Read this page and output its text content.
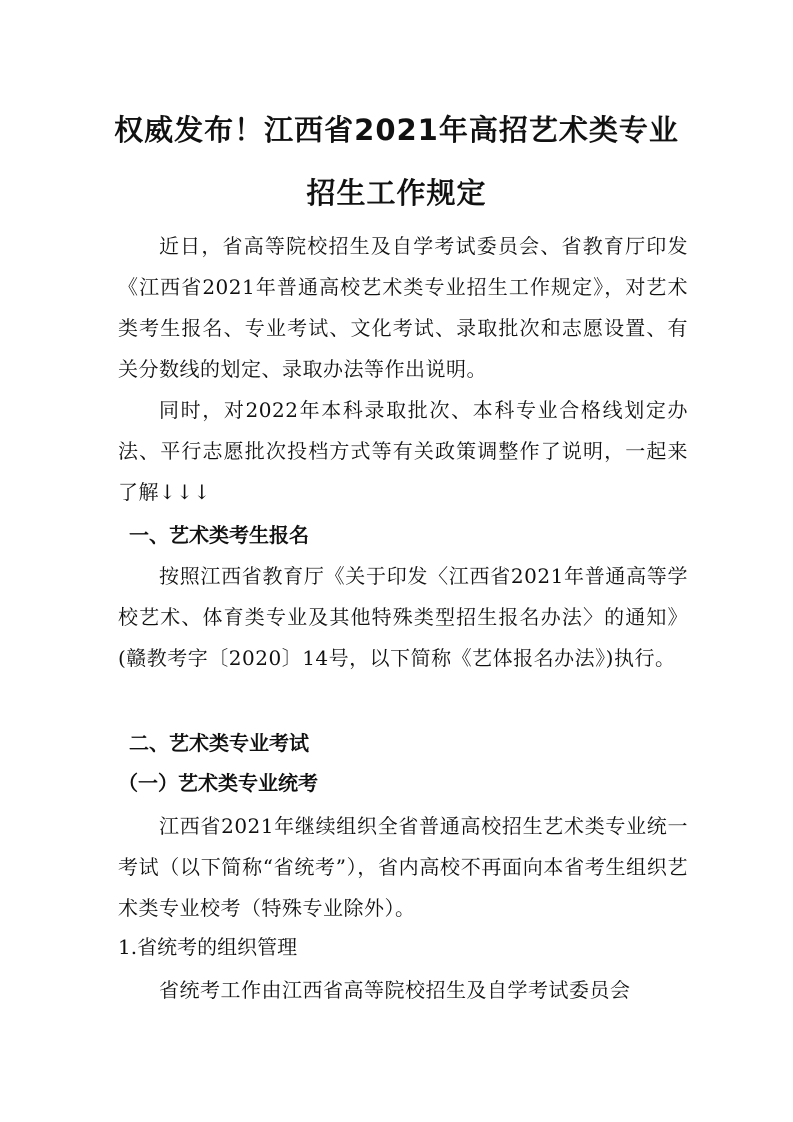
权威发布！江西省2021年高招艺术类专业
招生工作规定

近日，省高等院校招生及自学考试委员会、省教育厅印发《江西省2021年普通高校艺术类专业招生工作规定》，对艺术类考生报名、专业考试、文化考试、录取批次和志愿设置、有关分数线的划定、录取办法等作出说明。

同时，对2022年本科录取批次、本科专业合格线划定办法、平行志愿批次投档方式等有关政策调整作了说明，一起来了解↓↓↓

一、艺术类考生报名

按照江西省教育厅《关于印发〈江西省2021年普通高等学校艺术、体育类专业及其他特殊类型招生报名办法〉的通知》(赣教考字〔2020〕14号，以下简称《艺体报名办法》)执行。

二、艺术类专业考试
（一）艺术类专业统考

江西省2021年继续组织全省普通高校招生艺术类专业统一考试（以下简称“省统考”），省内高校不再面向本省考生组织艺术类专业校考（特殊专业除外）。

1.省统考的组织管理

省统考工作由江西省高等院校招生及自学考试委员会
